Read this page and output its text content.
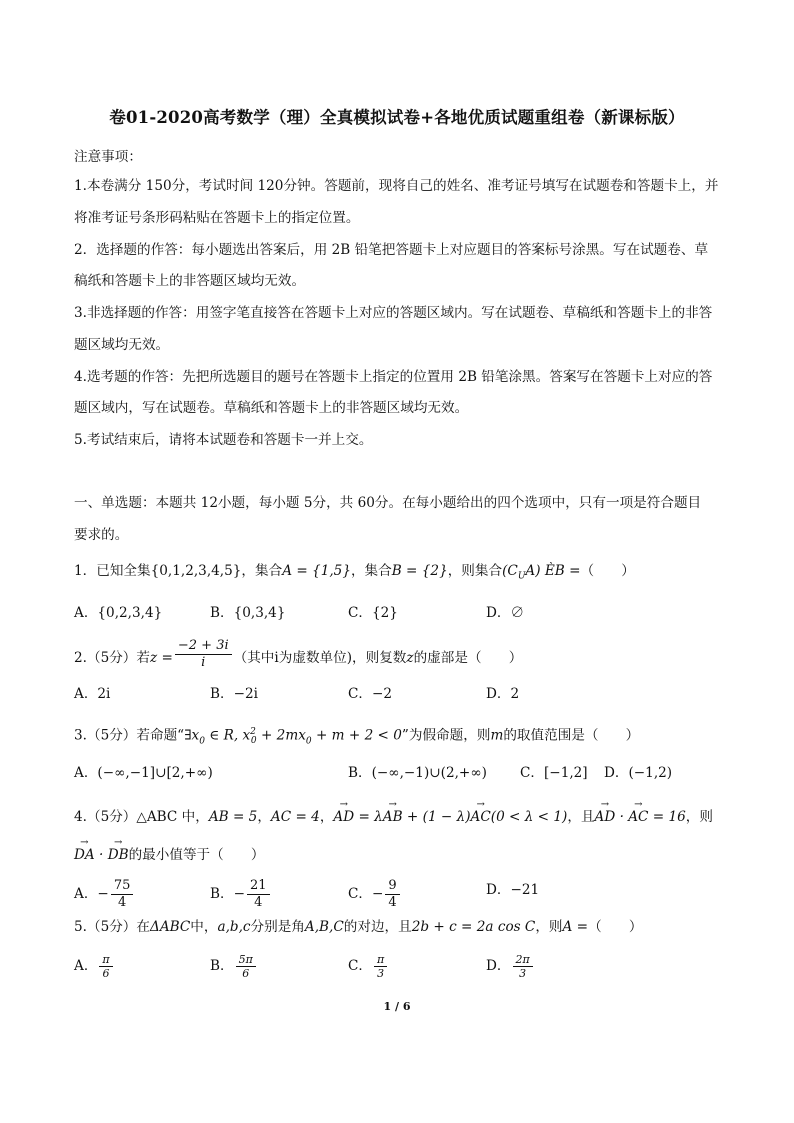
卷01-2020高考数学（理）全真模拟试卷+各地优质试题重组卷（新课标版）
注意事项：
1.本卷满分 150分，考试时间 120分钟。答题前，现将自己的姓名、准考证号填写在试题卷和答题卡上，并
将准考证号条形码粘贴在答题卡上的指定位置。
2．选择题的作答：每小题选出答案后，用 2B 铅笔把答题卡上对应题目的答案标号涂黑。写在试题卷、草
稿纸和答题卡上的非答题区域均无效。
3.非选择题的作答：用签字笔直接答在答题卡上对应的答题区域内。写在试题卷、草稿纸和答题卡上的非答
题区域均无效。
4.选考题的作答：先把所选题目的题号在答题卡上指定的位置用 2B 铅笔涂黑。答案写在答题卡上对应的答
题区域内，写在试题卷。草稿纸和答题卡上的非答题区域均无效。
5.考试结束后，请将本试题卷和答题卡一并上交。
一、单选题：本题共 12小题，每小题 5分，共 60分。在每小题给出的四个选项中，只有一项是符合题目
要求的。
1．已知全集{0,1,2,3,4,5}，集合A = {1,5}，集合B = {2}，则集合$(C_UA)$ ÈB =（　　）
A．{0,2,3,4}	B．{0,3,4}	C．{2}	D．∅
2.（5分）若$z = \frac{-2 + 3i}{i}$ （其中i为虚数单位)，则复数z的虚部是（　　）
A．2i	B．−2i	C．−2	D．2
3.（5分）若命题“$\exists x_0$ ∈ R, $x^2_0 + 2mx_0 + m + 2 < 0$”为假命题，则m的取值范围是（　　）
A．(−∞,−1]∪[2,+∞)	B．(−∞,−1)∪(2,+∞) C．[−1,2] D．(−1,2)
4.（5分）△ABC 中，AB = 5，AC = 4，→ AD = λ→ AB + (1 − λ)→ AC(0 < λ < 1)，且→ AD · → AC = 16，则
→ DA · → DB的最小值等于（　　）
A．− $\frac{75}{4}$	B．− $\frac{21}{4}$	C．− $\frac{9}{4}$	D．−21
5.（5分）在ΔABC中，a,b,c分别是角A,B,C的对边，且2b + c = 2a cos C，则A =（　　）
A． $\frac{\pi}{6}$	B． $\frac{5\pi}{6}$	C． $\frac{\pi}{3}$	D． $\frac{2\pi}{3}$
1 / 6
